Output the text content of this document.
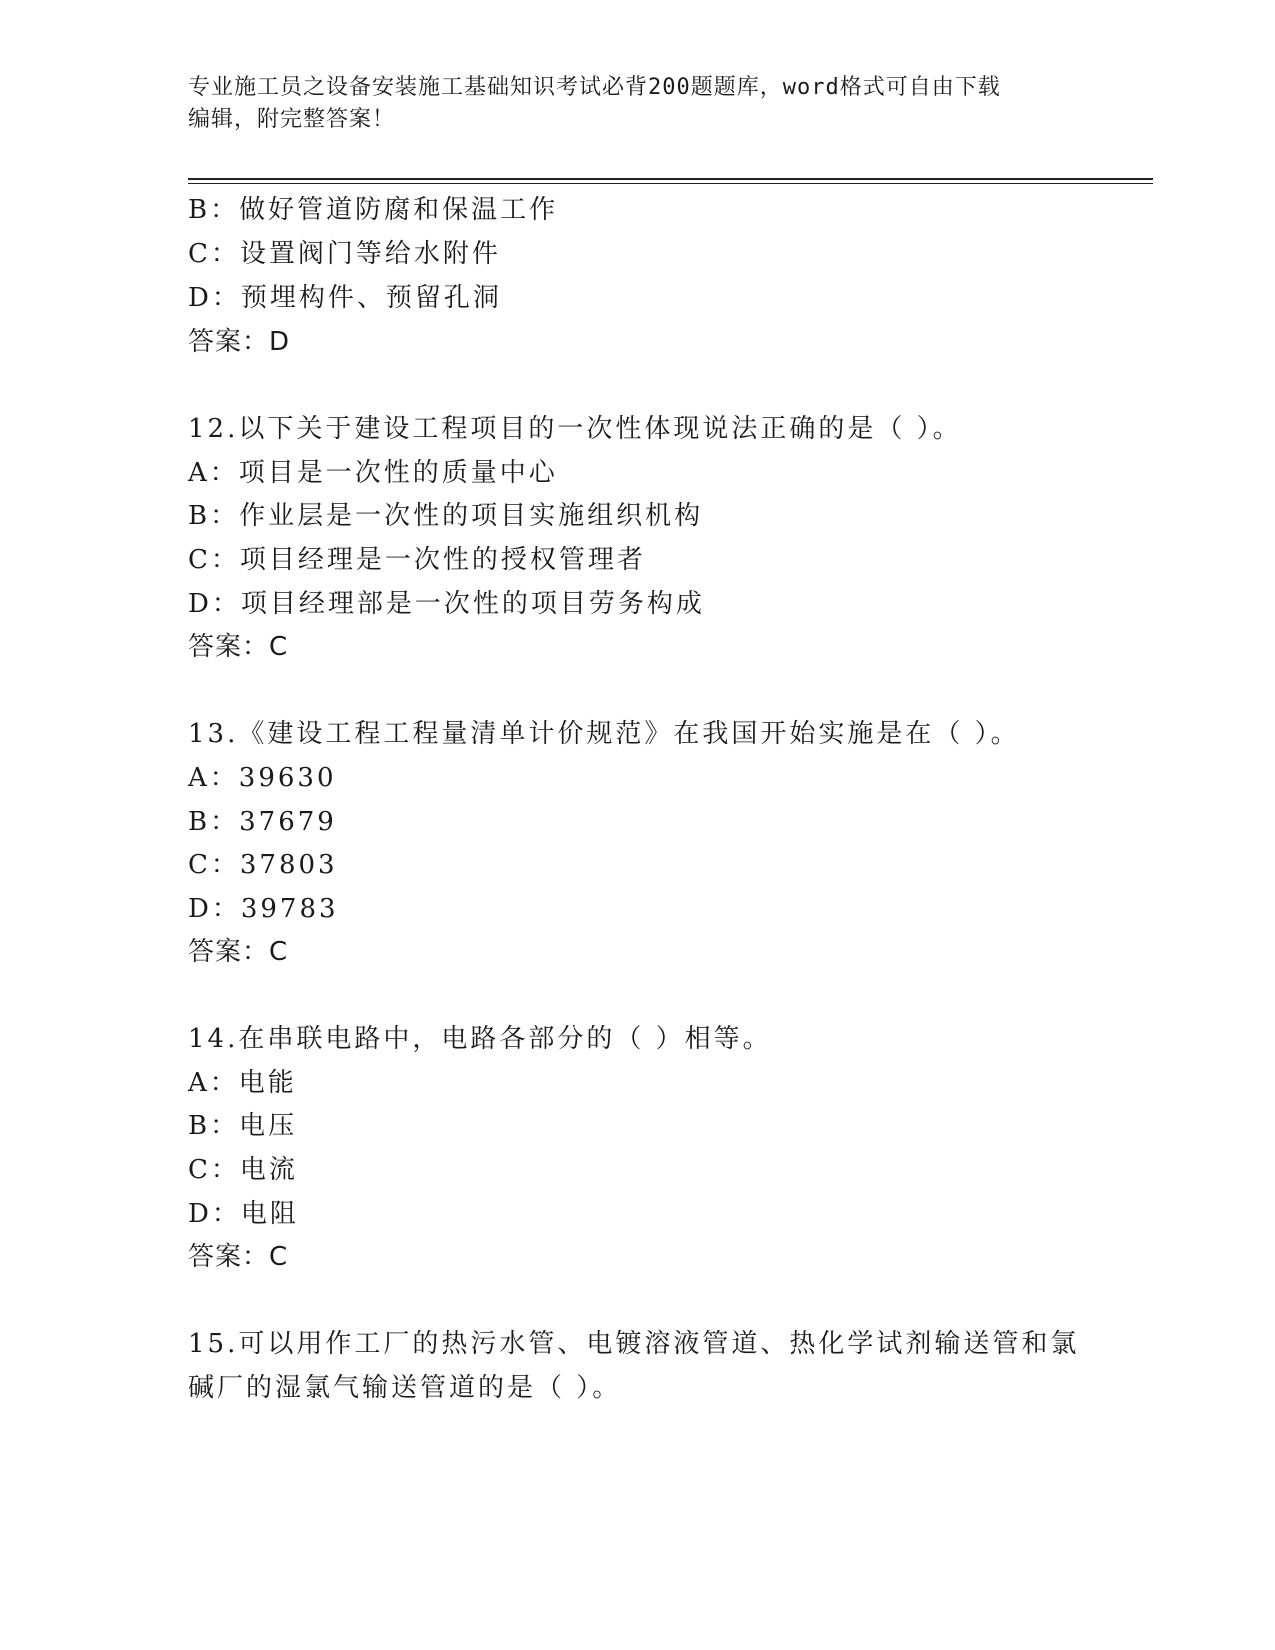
专业施工员之设备安装施工基础知识考试必背200题题库，word格式可自由下载
编辑，附完整答案！
B：做好管道防腐和保温工作
C：设置阀门等给水附件
D：预埋构件、预留孔洞
答案：D
12.以下关于建设工程项目的一次性体现说法正确的是（ ）。
A：项目是一次性的质量中心
B：作业层是一次性的项目实施组织机构
C：项目经理是一次性的授权管理者
D：项目经理部是一次性的项目劳务构成
答案：C
13.《建设工程工程量清单计价规范》在我国开始实施是在（ ）。
A：39630
B：37679
C：37803
D：39783
答案：C
14.在串联电路中，电路各部分的（ ）相等。
A：电能
B：电压
C：电流
D：电阻
答案：C
15.可以用作工厂的热污水管、电镀溶液管道、热化学试剂输送管和氯
碱厂的湿氯气输送管道的是（ ）。
